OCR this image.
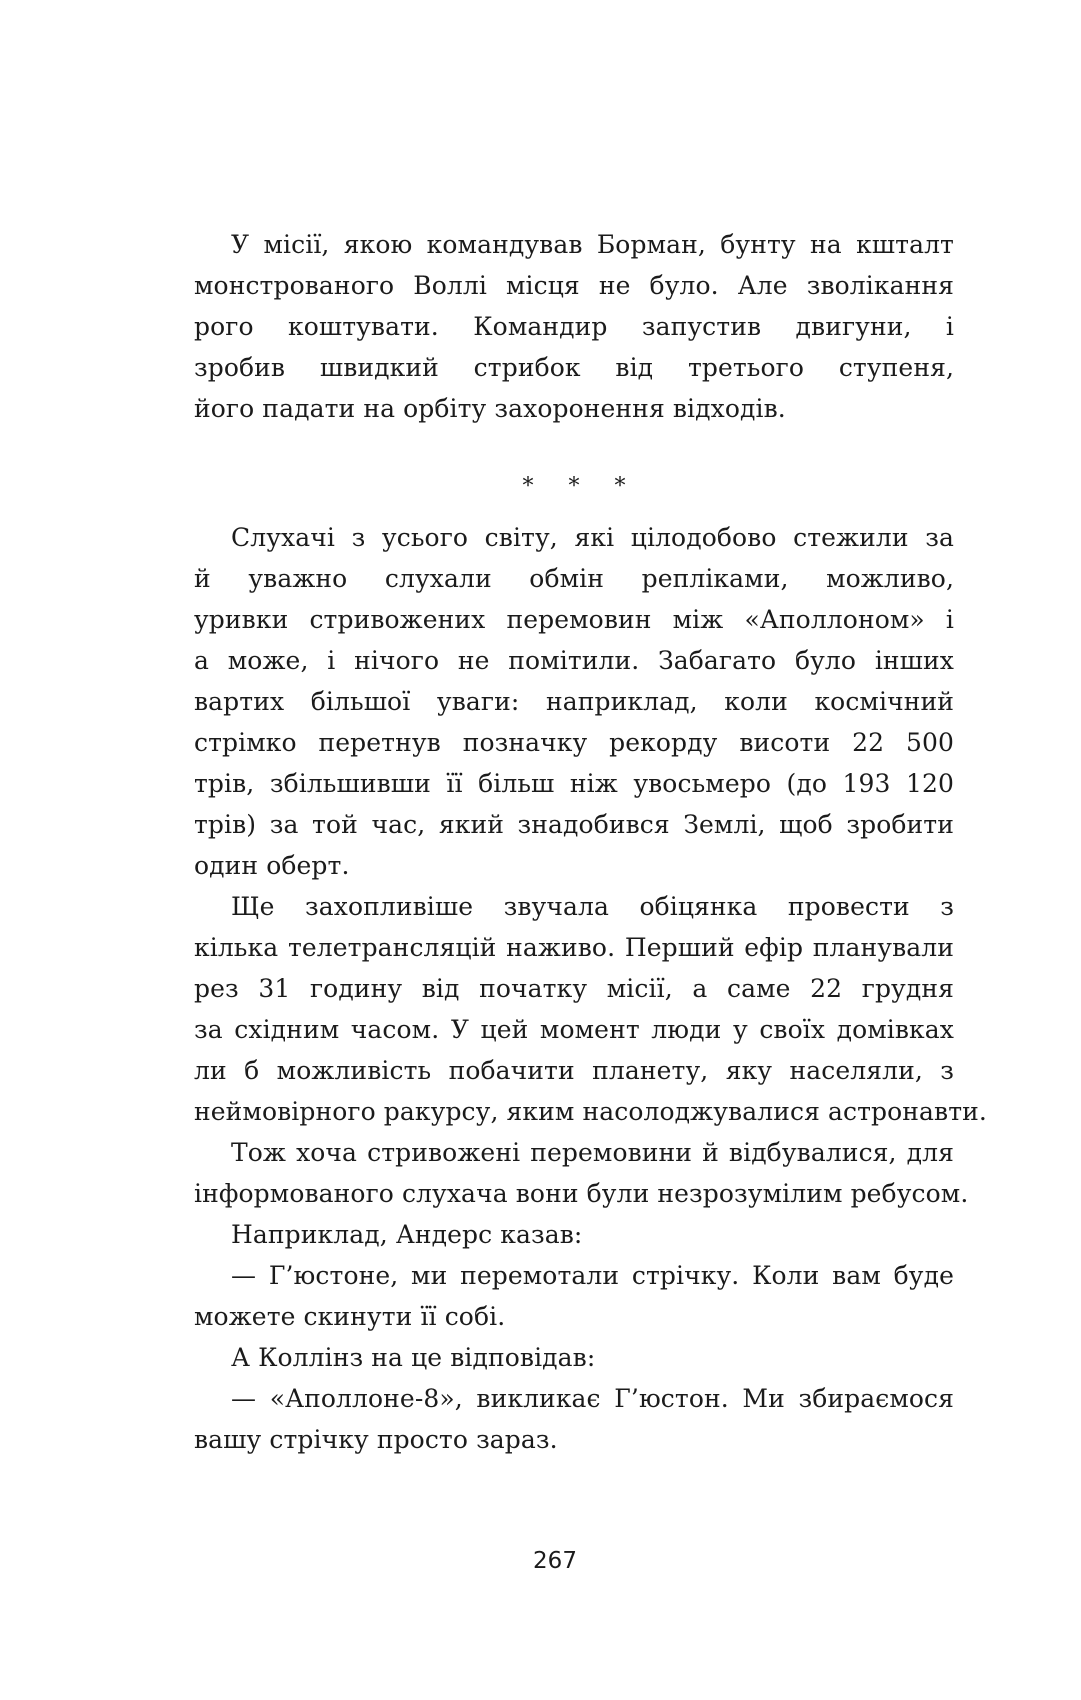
У місії, якою командував Борман, бунту на кшталт
монстрованого Воллі місця не було. Але зволікання
рого коштувати. Командир запустив двигуни, і
зробив швидкий стрибок від третього ступеня,
його падати на орбіту захоронення відходів.

* * *

Слухачі з усього світу, які цілодобово стежили за
й уважно слухали обмін репліками, можливо,
уривки стривожених перемовин між «Аполлоном» і
а може, і нічого не помітили. Забагато було інших
вартих більшої уваги: наприклад, коли космічний
стрімко перетнув позначку рекорду висоти 22 500
трів, збільшивши її більш ніж увосьмеро (до 193 120
трів) за той час, який знадобився Землі, щоб зробити
один оберт.

Ще захопливіше звучала обіцянка провести з
кілька телетрансляцій наживо. Перший ефір планували
рез 31 годину від початку місії, а саме 22 грудня
за східним часом. У цей момент люди у своїх домівках
ли б можливість побачити планету, яку населяли, з
неймовірного ракурсу, яким насолоджувалися астронавти.

Тож хоча стривожені перемовини й відбувалися, для
інформованого слухача вони були незрозумілим ребусом.

Наприклад, Андерс казав:

— Г’юстоне, ми перемотали стрічку. Коли вам буде
можете скинути її собі.

А Коллінз на це відповідав:

— «Аполлоне-8», викликає Г’юстон. Ми збираємося
вашу стрічку просто зараз.

267
